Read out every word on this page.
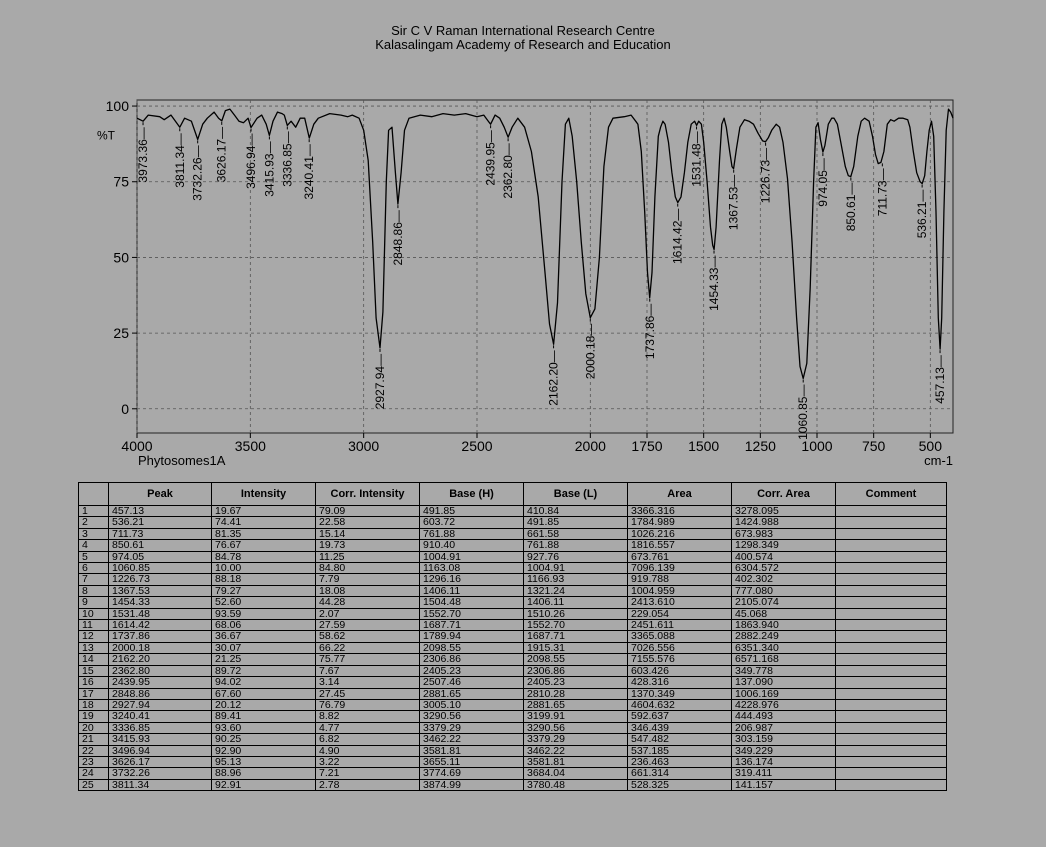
Sir C V Raman International Research Centre
Kalasalingam Academy of Research and Education
4000	3500	3000	2500	2000 1750 1500 1250 1000 750 500
0
25
50
75
100
%T
Phytosomes1A	cm-1
3973.36— 3811.34— 3732.26— 3626.17— 3496.94— 3415.93— 3336.85— 3240.41—
2927.94—
2848.86—
2439.95— 2362.80—
2162.20— 2000.18—	1737.86—
1614.42—
1531.48—
1454.33—
1367.53— 1226.73—
1060.85—
974.05—
850.61— 711.73— 536.21—
457.13—
	Peak	Intensity	Corr. Intensity	Base (H)	Base (L)	Area	Corr. Area	Comment
1	457.13	19.67	79.09	491.85	410.84	3366.316	3278.095	
2	536.21	74.41	22.58	603.72	491.85	1784.989	1424.988	
3	711.73	81.35	15.14	761.88	661.58	1026.216	673.983	
4	850.61	76.67	19.73	910.40	761.88	1816.557	1298.349	
5	974.05	84.78	11.25	1004.91	927.76	673.761	400.574	
6	1060.85	10.00	84.80	1163.08	1004.91	7096.139	6304.572	
7	1226.73	88.18	7.79	1296.16	1166.93	919.788	402.302	
8	1367.53	79.27	18.08	1406.11	1321.24	1004.959	777.080	
9	1454.33	52.60	44.28	1504.48	1406.11	2413.610	2105.074	
10	1531.48	93.59	2.07	1552.70	1510.26	229.054	45.068	
11	1614.42	68.06	27.59	1687.71	1552.70	2451.611	1863.940	
12	1737.86	36.67	58.62	1789.94	1687.71	3365.088	2882.249	
13	2000.18	30.07	66.22	2098.55	1915.31	7026.556	6351.340	
14	2162.20	21.25	75.77	2306.86	2098.55	7155.576	6571.168	
15	2362.80	89.72	7.67	2405.23	2306.86	603.426	349.778	
16	2439.95	94.02	3.14	2507.46	2405.23	428.316	137.090	
17	2848.86	67.60	27.45	2881.65	2810.28	1370.349	1006.169	
18	2927.94	20.12	76.79	3005.10	2881.65	4604.632	4228.976	
19	3240.41	89.41	8.82	3290.56	3199.91	592.637	444.493	
20	3336.85	93.60	4.77	3379.29	3290.56	346.439	206.987	
21	3415.93	90.25	6.82	3462.22	3379.29	547.482	303.159	
22	3496.94	92.90	4.90	3581.81	3462.22	537.185	349.229	
23	3626.17	95.13	3.22	3655.11	3581.81	236.463	136.174	
24	3732.26	88.96	7.21	3774.69	3684.04	661.314	319.411	
25	3811.34	92.91	2.78	3874.99	3780.48	528.325	141.157	
